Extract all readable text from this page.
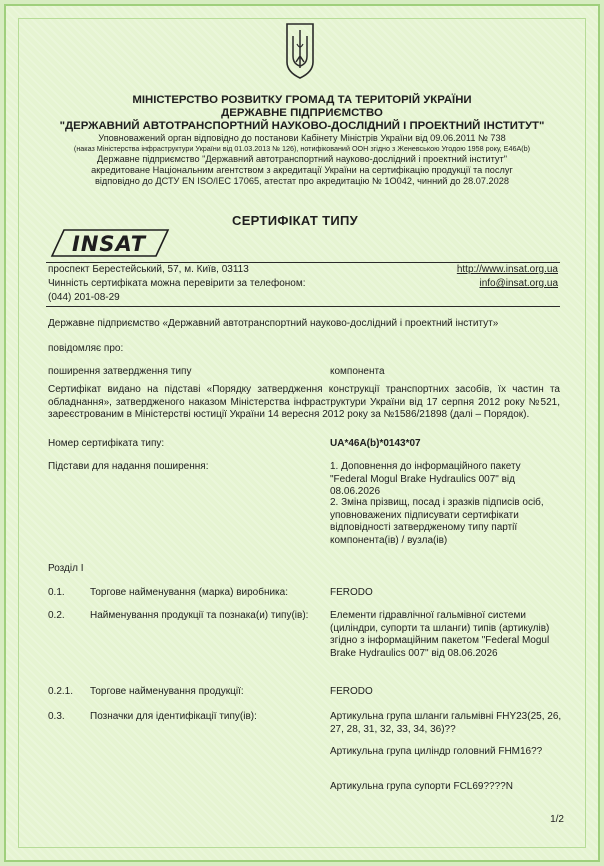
МІНІСТЕРСТВО РОЗВИТКУ ГРОМАД ТА ТЕРИТОРІЙ УКРАЇНИ
ДЕРЖАВНЕ ПІДПРИЄМСТВО
"ДЕРЖАВНИЙ АВТОТРАНСПОРТНИЙ НАУКОВО-ДОСЛІДНИЙ І ПРОЕКТНИЙ ІНСТИТУТ"
Уповноважений орган відповідно до постанови Кабінету Міністрів України від 09.06.2011 № 738
(наказ Міністерства інфраструктури України від 01.03.2013 № 126), нотифікований ООН згідно з Женевською Угодою 1958 року, E46A(b)
Державне підприємство "Державний автотранспортний науково-дослідний і проектний інститут"
акредитоване Національним агентством з акредитації України на сертифікацію продукції та послуг
відповідно до ДСТУ EN ISO/IEC 17065, атестат про акредитацію № 1О042, чинний до 28.07.2028
INSAT
СЕРТИФІКАТ ТИПУ
проспект Берестейський, 57, м. Київ, 03113
Чинність сертифіката можна перевірити за телефоном:
(044) 201-08-29
http://www.insat.org.ua
info@insat.org.ua
Державне підприємство «Державний автотранспортний науково-дослідний і проектний інститут»
повідомляє про:
поширення затвердження типу	компонента
Сертифікат видано на підставі «Порядку затвердження конструкції транспортних засобів, їх частин та обладнання», затвердженого наказом Міністерства інфраструктури України від 17 серпня 2012 року №521, зареєстрованим в Міністерстві юстиції України 14 вересня 2012 року за №1586/21898 (далі – Порядок).
Номер сертифіката типу:	UA*46A(b)*0143*07
Підстави для надання поширення:	1. Доповнення до інформаційного пакету "Federal Mogul Brake Hydraulics 007" від 08.06.2026
2. Зміна прізвищ, посад і зразків підписів осіб, уповноважених підписувати сертифікати відповідності затвердженому типу партії компонента(ів) / вузла(ів)
Розділ I
0.1.	Торгове найменування (марка) виробника:	FERODO
0.2.	Найменування продукції та познака(и) типу(ів):	Елементи гідравлічної гальмівної системи (циліндри, супорти та шланги) типів (артикулів) згідно з інформаційним пакетом "Federal Mogul Brake Hydraulics 007" від 08.06.2026
0.2.1. Торгове найменування продукції:	FERODO
0.3.	Позначки для ідентифікації типу(ів):	Артикульна група шланги гальмівні FHY23(25, 26, 27, 28, 31, 32, 33, 34, 36)??
Артикульна група циліндр головний FHM16??
Артикульна група супорти FCL69????N
1/2
